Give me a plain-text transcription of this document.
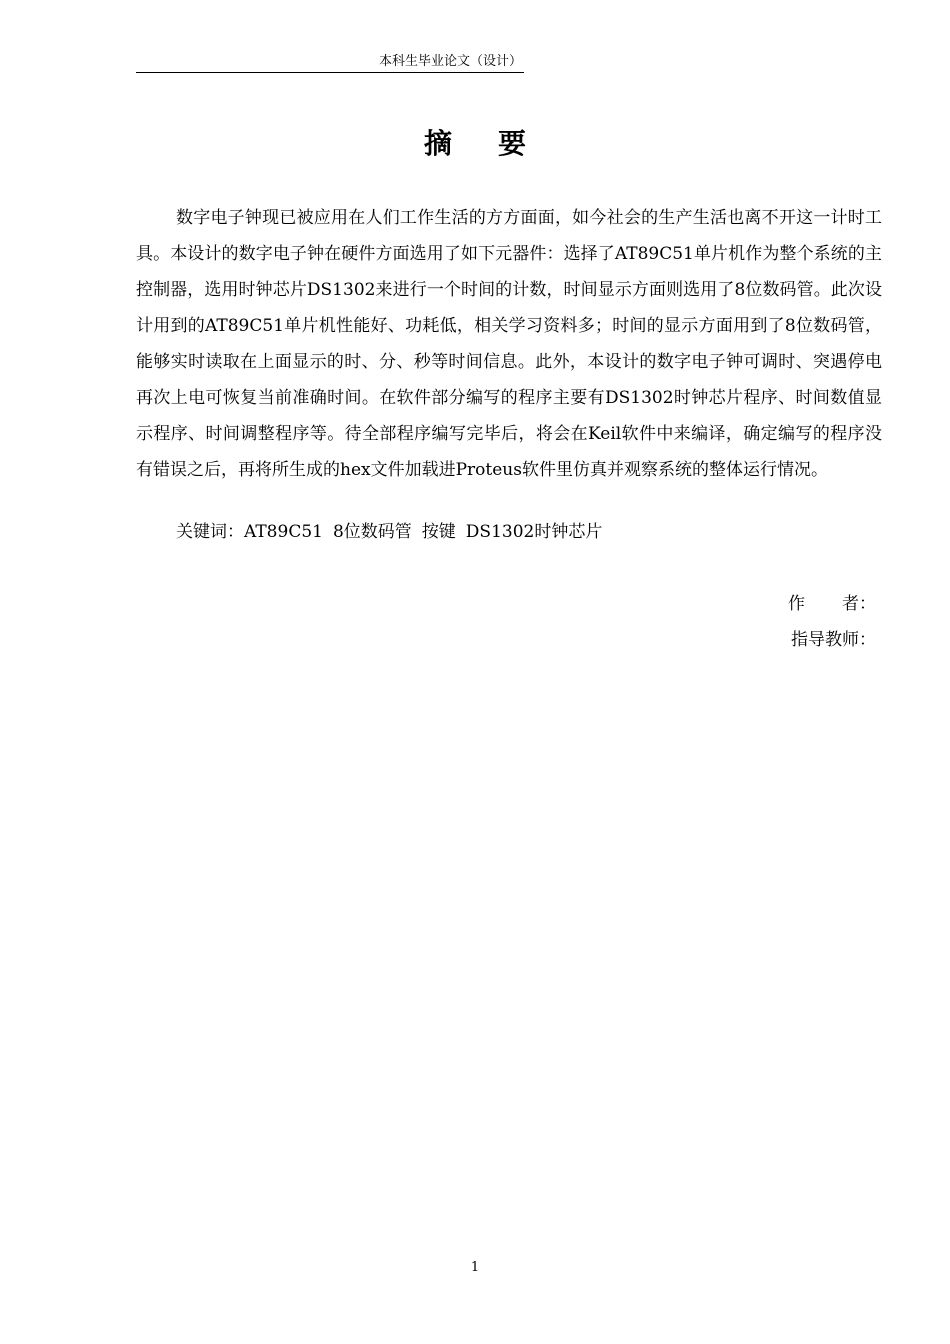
本科生毕业论文（设计）
摘要

数字电子钟现已被应用在人们工作生活的方方面面，如今社会的生产生活也离不开这一计时工具。本设计的数字电子钟在硬件方面选用了如下元器件：选择了AT89C51单片机作为整个系统的主控制器，选用时钟芯片DS1302来进行一个时间的计数，时间显示方面则选用了8位数码管。此次设计用到的AT89C51单片机性能好、功耗低，相关学习资料多；时间的显示方面用到了8位数码管，能够实时读取在上面显示的时、分、秒等时间信息。此外，本设计的数字电子钟可调时、突遇停电再次上电可恢复当前准确时间。在软件部分编写的程序主要有DS1302时钟芯片程序、时间数值显示程序、时间调整程序等。待全部程序编写完毕后，将会在Keil软件中来编译，确定编写的程序没有错误之后，再将所生成的hex文件加载进Proteus软件里仿真并观察系统的整体运行情况。

关键词：AT89C51 8位数码管 按键 DS1302时钟芯片
作 者：
指导教师：
1
